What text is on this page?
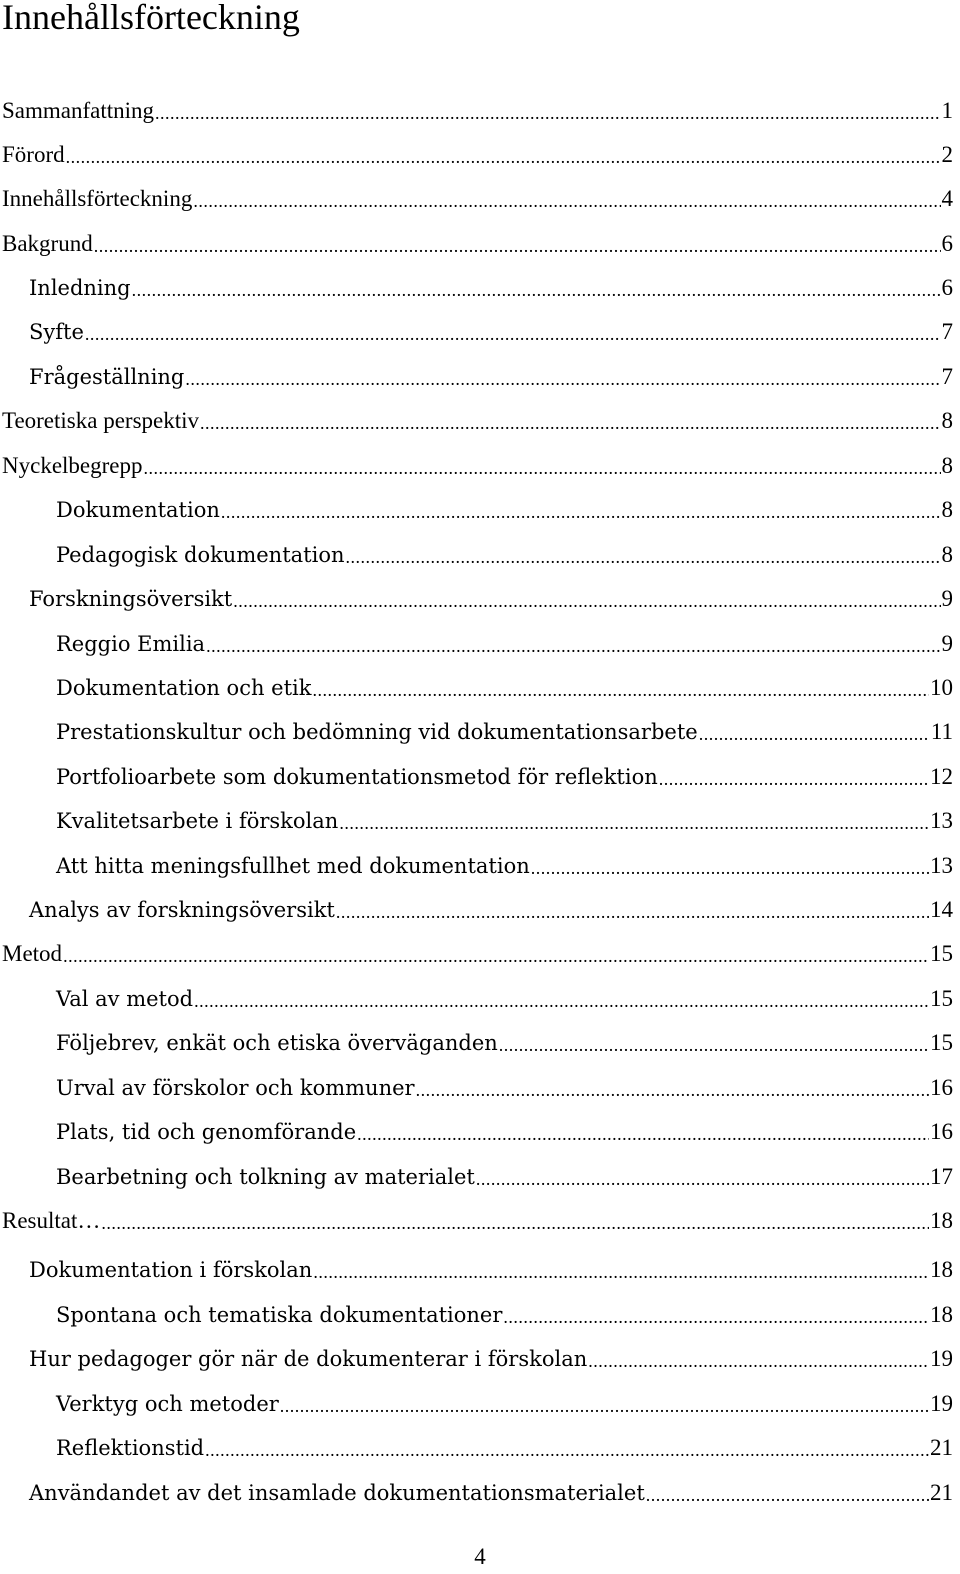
Innehållsförteckning
Sammanfattning .....	1
Förord .....	2
Innehållsförteckning .....	4
Bakgrund .....	6
Inledning .....	6
Syfte .....	7
Frågeställning .....	7
Teoretiska perspektiv .....	8
Nyckelbegrepp .....	8
Dokumentation .....	8
Pedagogisk dokumentation .....	8
Forskningsöversikt .....	9
Reggio Emilia .....	9
Dokumentation och etik .....	10
Prestationskultur och bedömning vid dokumentationsarbete .....	11
Portfolioarbete som dokumentationsmetod för reflektion .....	12
Kvalitetsarbete i förskolan .....	13
Att hitta meningsfullhet med dokumentation .....	13
Analys av forskningsöversikt .....	14
Metod .....	15
Val av metod .....	15
Följebrev, enkät och etiska överväganden .....	15
Urval av förskolor och kommuner .....	16
Plats, tid och genomförande .....	16
Bearbetning och tolkning av materialet .....	17
Resultat… .....	18
Dokumentation i förskolan .....	18
Spontana och tematiska dokumentationer .....	18
Hur pedagoger gör när de dokumenterar i förskolan .....	19
Verktyg och metoder .....	19
Reflektionstid .....	21
Användandet av det insamlade dokumentationsmaterialet .....	21
4
